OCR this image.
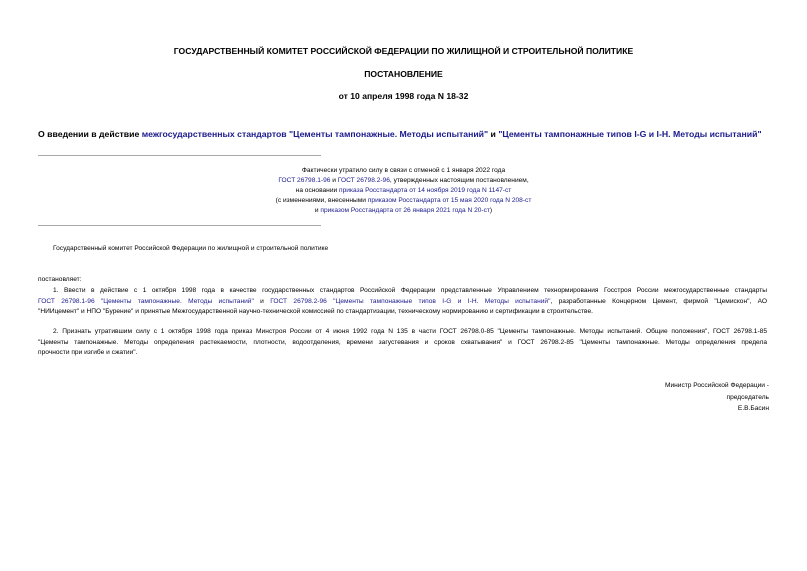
ГОСУДАРСТВЕННЫЙ КОМИТЕТ РОССИЙСКОЙ ФЕДЕРАЦИИ ПО ЖИЛИЩНОЙ И СТРОИТЕЛЬНОЙ ПОЛИТИКЕ
ПОСТАНОВЛЕНИЕ
от 10 апреля 1998 года N 18-32
О введении в действие межгосударственных стандартов "Цементы тампонажные. Методы испытаний" и "Цементы тампонажные типов I-G и I-H. Методы испытаний"
Фактически утратило силу в связи с отменой с 1 января 2022 года
ГОСТ 26798.1-96 и ГОСТ 26798.2-96, утвержденных настоящим постановлением,
на основании приказа Росстандарта от 14 ноября 2019 года N 1147-ст
(с изменениями, внесенными приказом Росстандарта от 15 мая 2020 года N 208-ст
и приказом Росстандарта от 26 января 2021 года N 20-ст)
Государственный комитет Российской Федерации по жилищной и строительной политике
постановляет:
1. Ввести в действие с 1 октября 1998 года в качестве государственных стандартов Российской Федерации представленные Управлением технормирования Госстроя России межгосударственные стандарты
ГОСТ 26798.1-96 "Цементы тампонажные. Методы испытаний" и ГОСТ 26798.2-96 "Цементы тампонажные типов I-G и I-H. Методы испытаний", разработанные Концерном Цемент, фирмой "Цемискон", АО
"НИИцемент" и НПО "Бурение" и принятые Межгосударственной научно-технической комиссией по стандартизации, техническому нормированию и сертификации в строительстве.
2. Признать утратившим силу с 1 октября 1998 года приказ Минстроя России от 4 июня 1992 года N 135 в части ГОСТ 26798.0-85 "Цементы тампонажные. Методы испытаний. Общие положения", ГОСТ 26798.1-85
"Цементы тампонажные. Методы определения растекаемости, плотности, водоотделения, времени загустевания и сроков схватывания" и ГОСТ 26798.2-85 "Цементы тампонажные. Методы определения предела
прочности при изгибе и сжатии".
Министр Российской Федерации -
председатель
Е.В.Басин
